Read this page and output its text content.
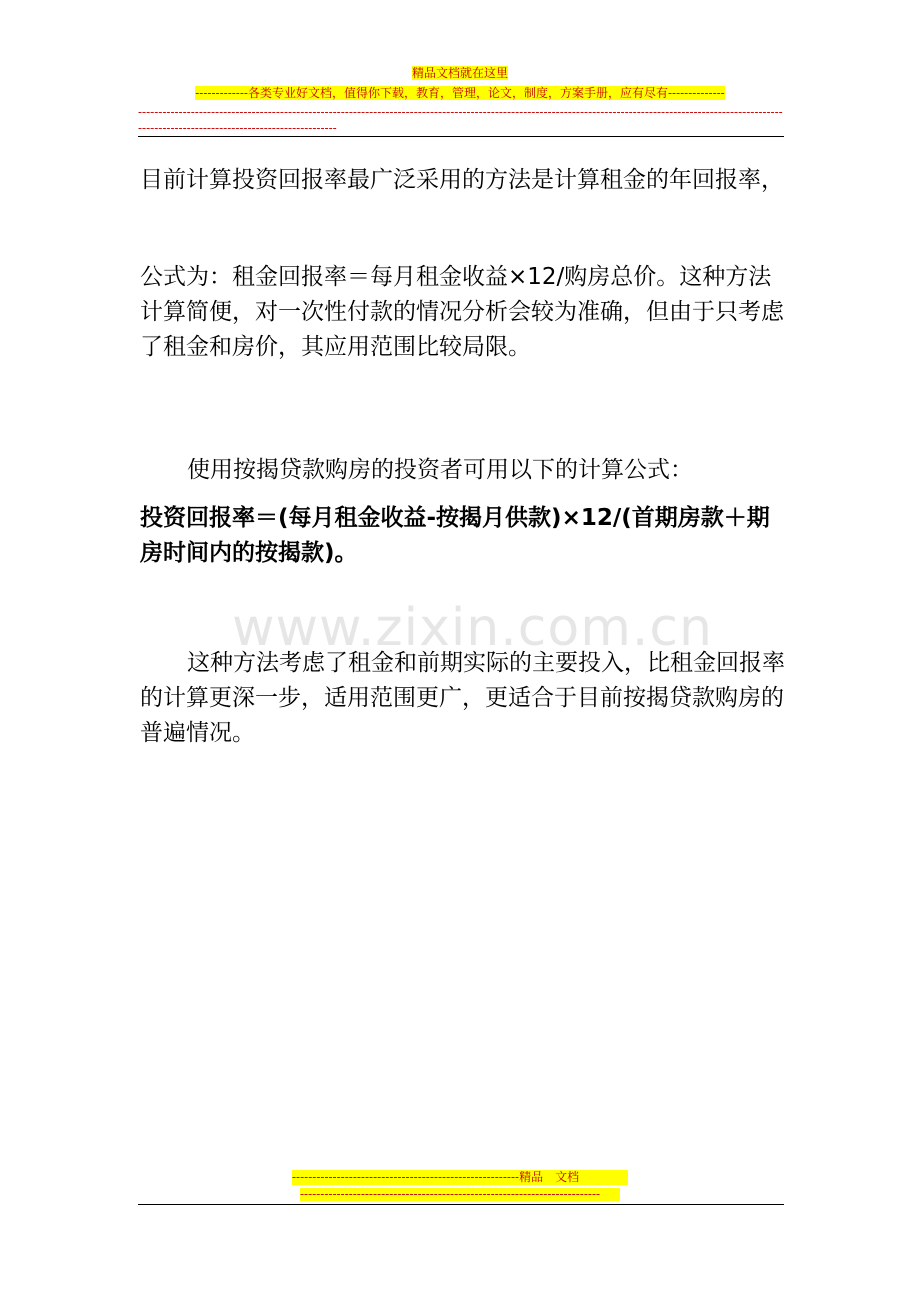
精品文档就在这里
-------------各类专业好文档，值得你下载，教育，管理，论文，制度，方案手册，应有尽有--------------
----------------------------------------------------------------------------------------------------------------------------------------------------------------------------------------------------------------
www.zixin.com.cn

目前计算投资回报率最广泛采用的方法是计算租金的年回报率，

公式为：租金回报率＝每月租金收益×12/购房总价。这种方法计算简便，对一次性付款的情况分析会较为准确，但由于只考虑了租金和房价，其应用范围比较局限。

使用按揭贷款购房的投资者可用以下的计算公式：

投资回报率＝(每月租金收益-按揭月供款)×12/(首期房款＋期房时间内的按揭款)。

这种方法考虑了租金和前期实际的主要投入，比租金回报率的计算更深一步，适用范围更广，更适合于目前按揭贷款购房的普遍情况。

--------------------------------------------------------精品　文档
--------------------------------------------------------------------------
